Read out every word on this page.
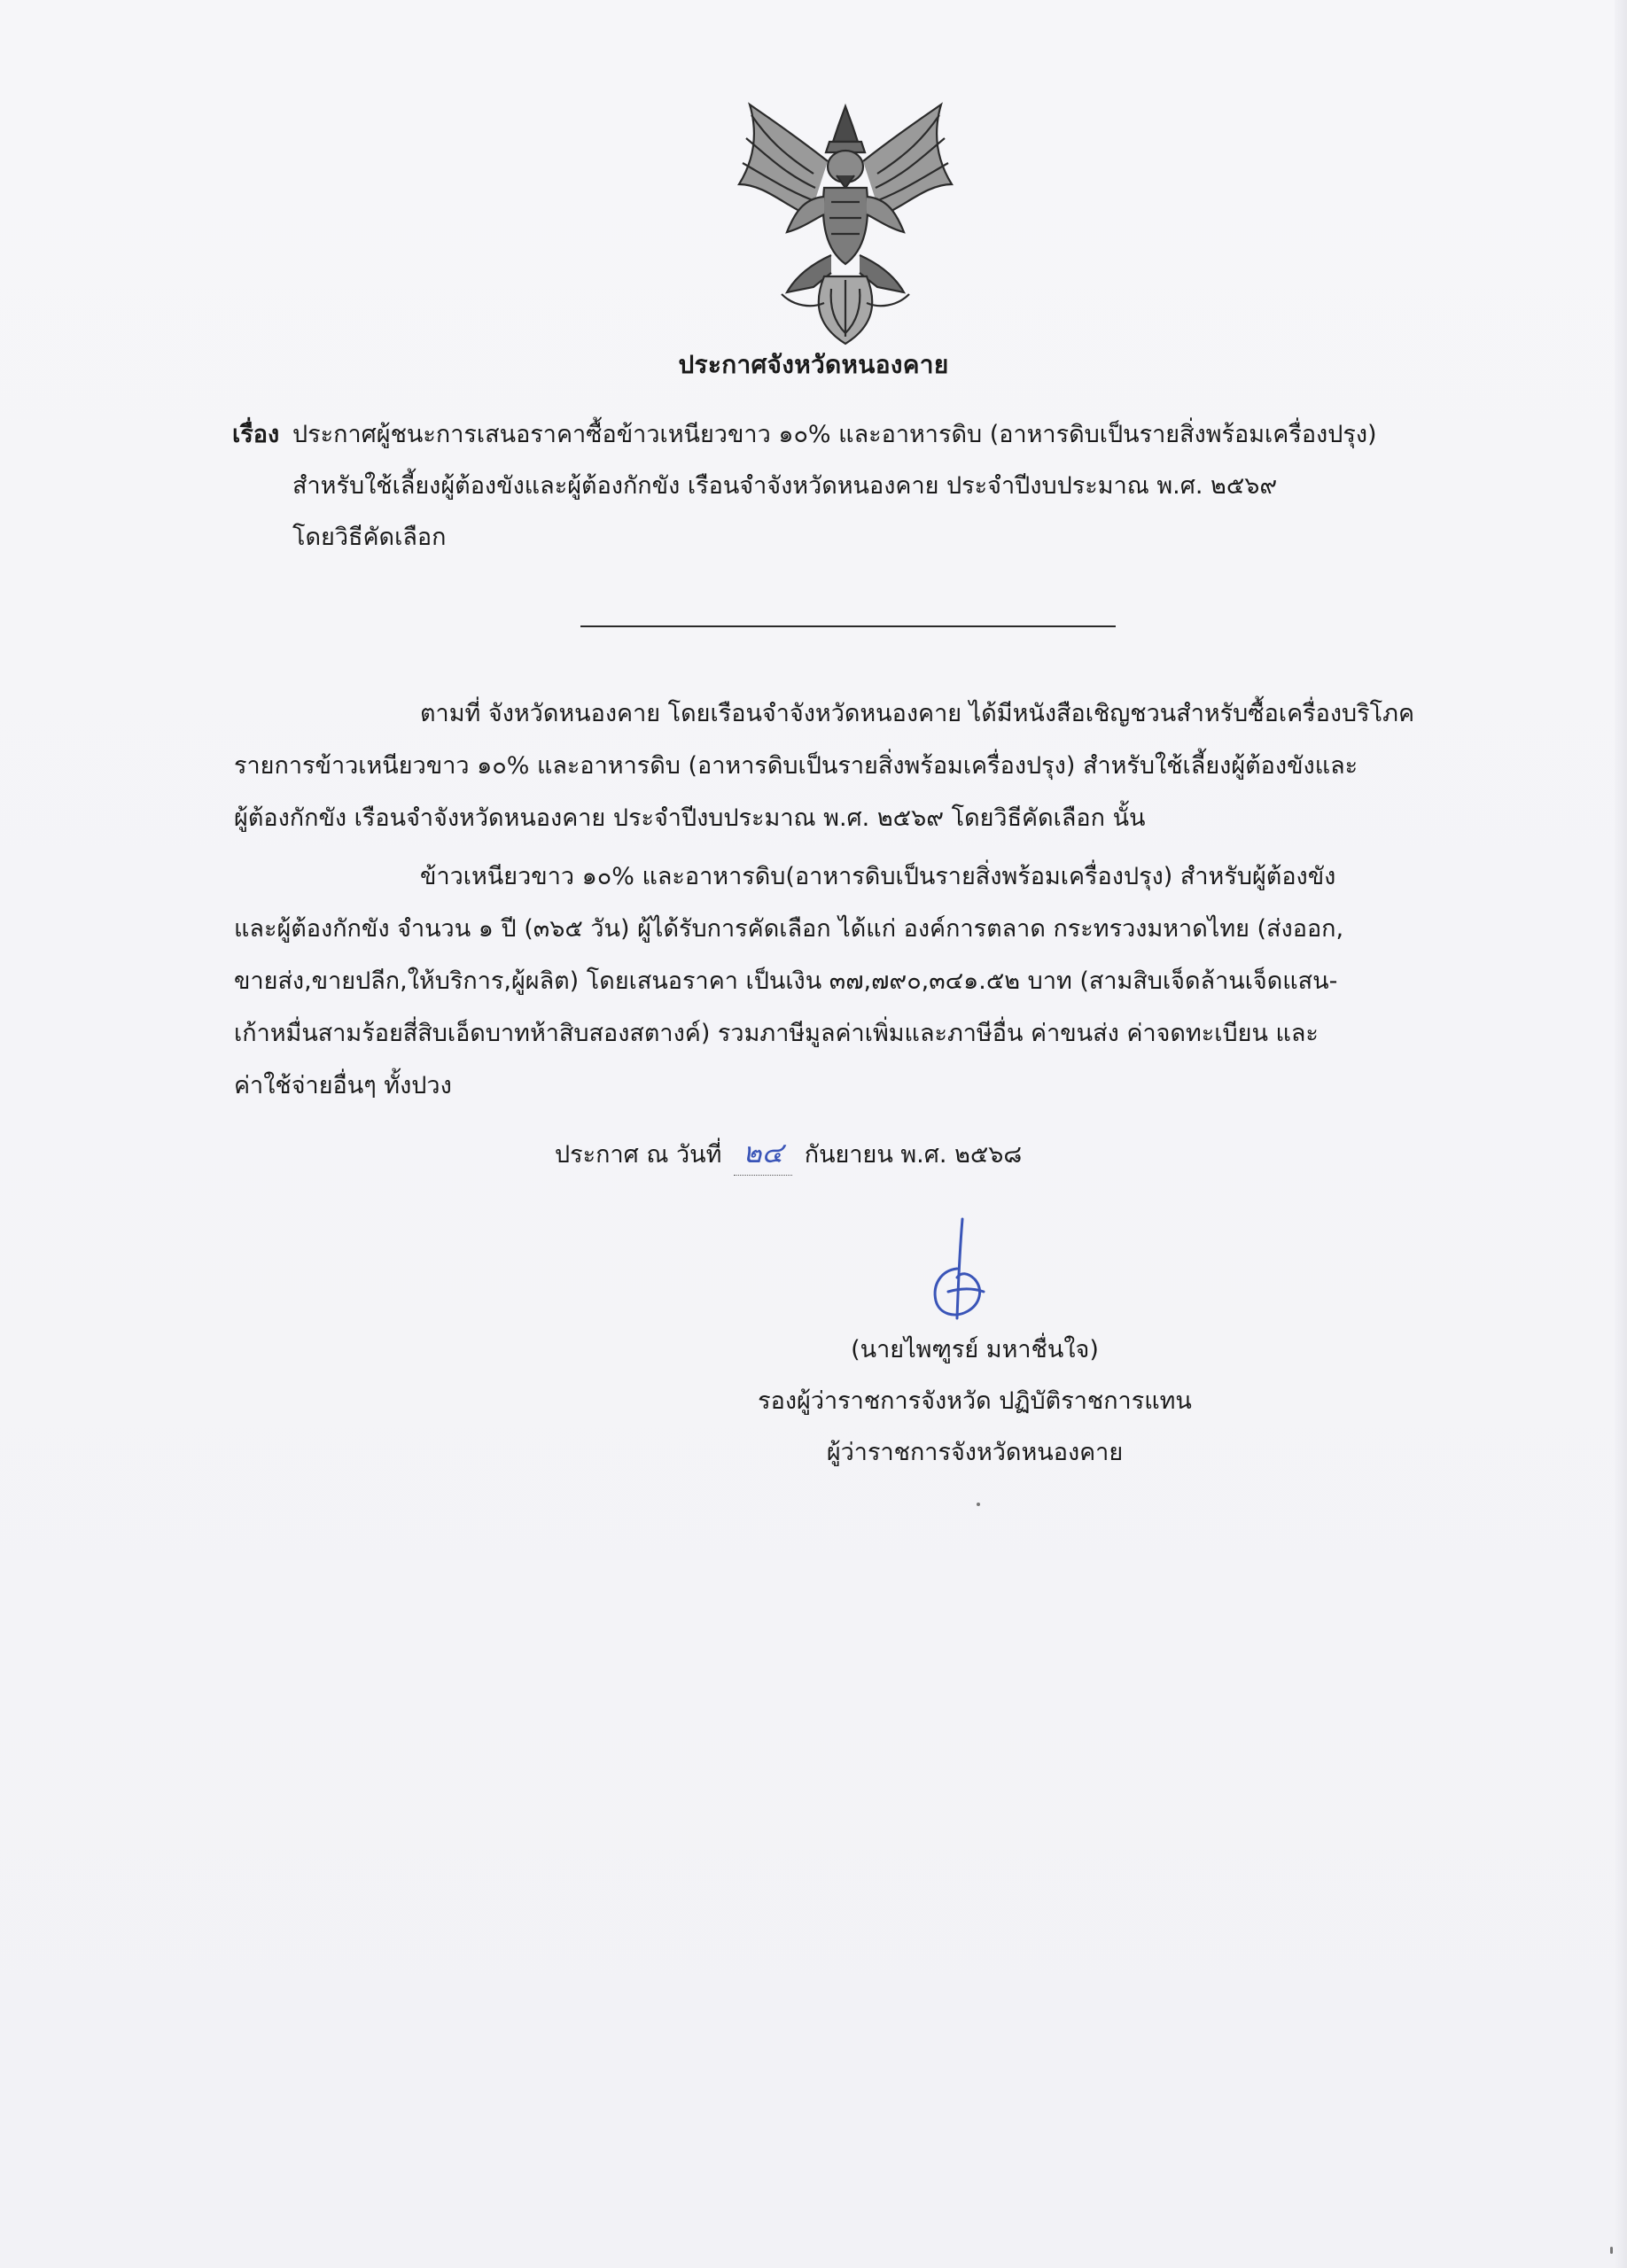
ประกาศจังหวัดหนองคาย
เรื่อง ประกาศผู้ชนะการเสนอราคาซื้อข้าวเหนียวขาว ๑๐% และอาหารดิบ (อาหารดิบเป็นรายสิ่งพร้อมเครื่องปรุง)
สำหรับใช้เลี้ยงผู้ต้องขังและผู้ต้องกักขัง เรือนจำจังหวัดหนองคาย ประจำปีงบประมาณ พ.ศ. ๒๕๖๙
โดยวิธีคัดเลือก
ตามที่ จังหวัดหนองคาย โดยเรือนจำจังหวัดหนองคาย ได้มีหนังสือเชิญชวนสำหรับซื้อเครื่องบริโภค
รายการข้าวเหนียวขาว ๑๐% และอาหารดิบ (อาหารดิบเป็นรายสิ่งพร้อมเครื่องปรุง) สำหรับใช้เลี้ยงผู้ต้องขังและ
ผู้ต้องกักขัง เรือนจำจังหวัดหนองคาย ประจำปีงบประมาณ พ.ศ. ๒๕๖๙ โดยวิธีคัดเลือก นั้น
ข้าวเหนียวขาว ๑๐% และอาหารดิบ(อาหารดิบเป็นรายสิ่งพร้อมเครื่องปรุง) สำหรับผู้ต้องขัง
และผู้ต้องกักขัง จำนวน ๑ ปี (๓๖๕ วัน) ผู้ได้รับการคัดเลือก ได้แก่ องค์การตลาด กระทรวงมหาดไทย (ส่งออก,
ขายส่ง,ขายปลีก,ให้บริการ,ผู้ผลิต) โดยเสนอราคา เป็นเงิน ๓๗,๗๙๐,๓๔๑.๕๒ บาท (สามสิบเจ็ดล้านเจ็ดแสน-
เก้าหมื่นสามร้อยสี่สิบเอ็ดบาทห้าสิบสองสตางค์) รวมภาษีมูลค่าเพิ่มและภาษีอื่น ค่าขนส่ง ค่าจดทะเบียน และ
ค่าใช้จ่ายอื่นๆ ทั้งปวง
ประกาศ ณ วันที่ ๒๔ กันยายน พ.ศ. ๒๕๖๘
(นายไพฑูรย์ มหาชื่นใจ)
รองผู้ว่าราชการจังหวัด ปฏิบัติราชการแทน
ผู้ว่าราชการจังหวัดหนองคาย
